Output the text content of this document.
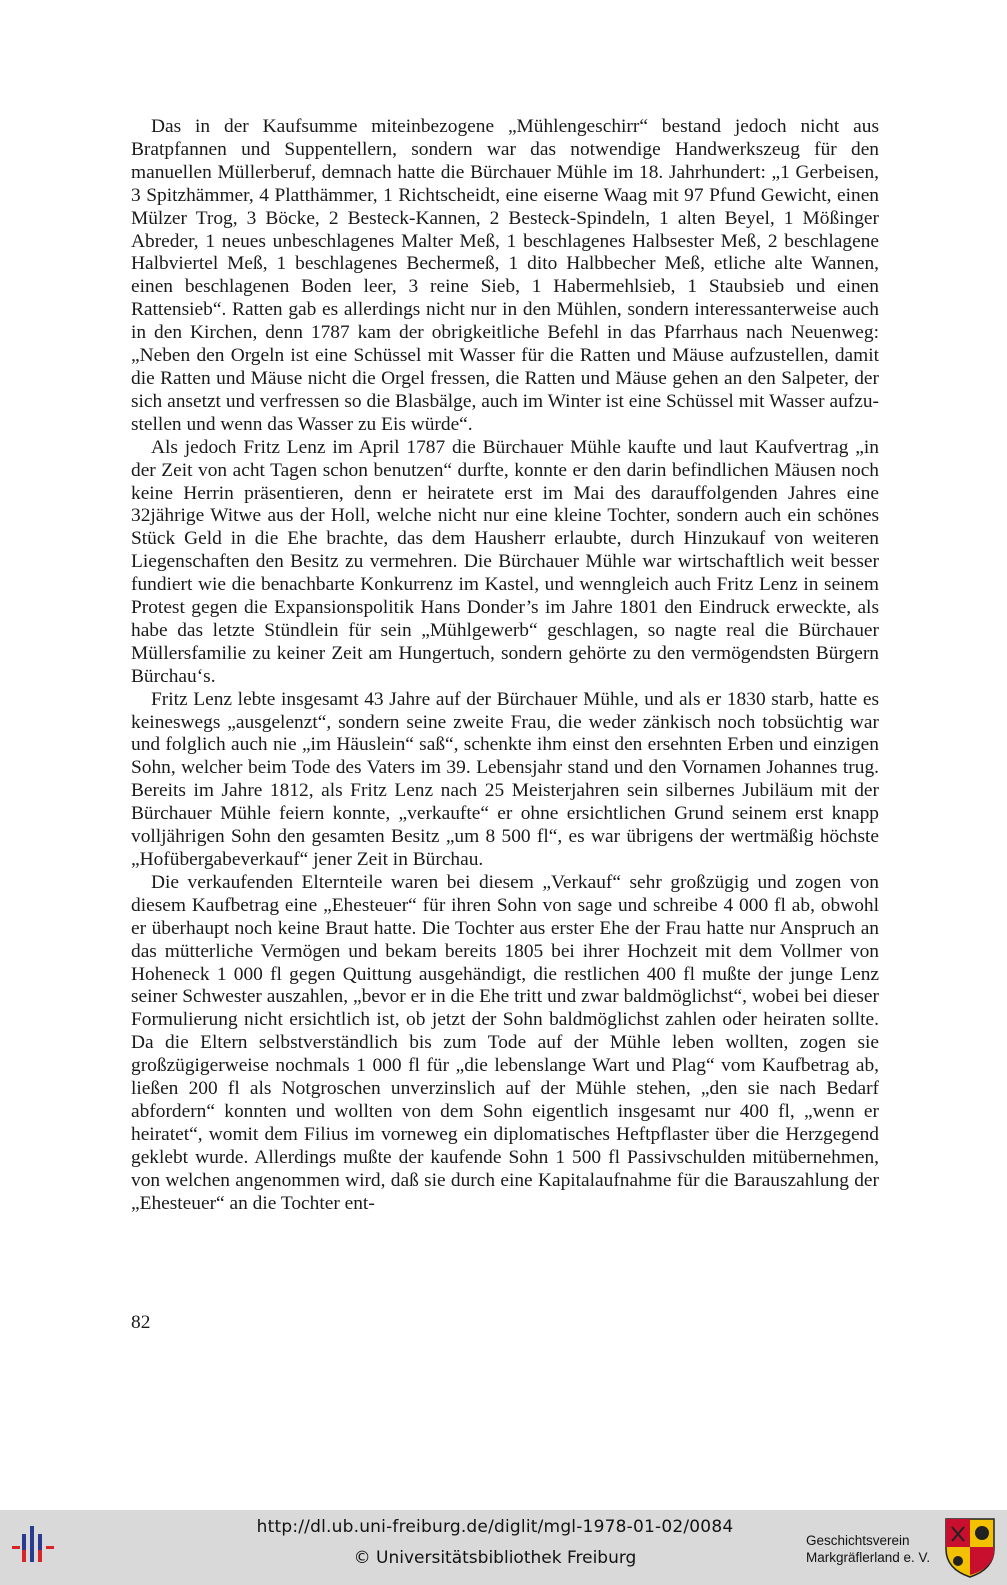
Das in der Kaufsumme miteinbezogene „Mühlengeschirr“ bestand jedoch nicht aus Bratpfannen und Suppentellern, sondern war das notwendige Handwerkszeug für den manuellen Müllerberuf, demnach hatte die Bürchauer Mühle im 18. Jahrhundert: „1 Gerbeisen, 3 Spitzhämmer, 4 Platthämmer, 1 Richtscheidt, eine eiserne Waag mit 97 Pfund Gewicht, einen Mülzer Trog, 3 Böcke, 2 Besteck-Kannen, 2 Besteck-Spindeln, 1 alten Beyel, 1 Mößinger Abreder, 1 neues unbeschlagenes Malter Meß, 1 beschlagenes Halbsester Meß, 2 beschlagene Halbviertel Meß, 1 beschlagenes Bechermeß, 1 dito Halbbecher Meß, etliche alte Wannen, einen beschlagenen Boden leer, 3 reine Sieb, 1 Habermehlsieb, 1 Staubsieb und einen Rattensieb“. Ratten gab es allerdings nicht nur in den Mühlen, sondern interessanterweise auch in den Kirchen, denn 1787 kam der obrigkeitliche Befehl in das Pfarrhaus nach Neuenweg: „Neben den Orgeln ist eine Schüssel mit Wasser für die Ratten und Mäuse aufzustellen, damit die Ratten und Mäuse nicht die Orgel fressen, die Ratten und Mäuse gehen an den Salpeter, der sich ansetzt und verfressen so die Blasbälge, auch im Winter ist eine Schüssel mit Wasser aufzustellen und wenn das Wasser zu Eis würde“.

Als jedoch Fritz Lenz im April 1787 die Bürchauer Mühle kaufte und laut Kaufvertrag „in der Zeit von acht Tagen schon benutzen“ durfte, konnte er den darin befindlichen Mäusen noch keine Herrin präsentieren, denn er heiratete erst im Mai des darauffolgenden Jahres eine 32jährige Witwe aus der Holl, welche nicht nur eine kleine Tochter, sondern auch ein schönes Stück Geld in die Ehe brachte, das dem Hausherr erlaubte, durch Hinzukauf von weiteren Liegenschaften den Besitz zu vermehren. Die Bürchauer Mühle war wirtschaftlich weit besser fundiert wie die benachbarte Konkurrenz im Kastel, und wenngleich auch Fritz Lenz in seinem Protest gegen die Expansionspolitik Hans Donder’s im Jahre 1801 den Eindruck erweckte, als habe das letzte Stündlein für sein „Mühlgewerb“ geschlagen, so nagte real die Bürchauer Müllersfamilie zu keiner Zeit am Hungertuch, sondern gehörte zu den vermögendsten Bürgern Bürchau‘s.

Fritz Lenz lebte insgesamt 43 Jahre auf der Bürchauer Mühle, und als er 1830 starb, hatte es keineswegs „ausgelenzt“, sondern seine zweite Frau, die weder zänkisch noch tobsüchtig war und folglich auch nie „im Häuslein“ saß“, schenkte ihm einst den ersehnten Erben und einzigen Sohn, welcher beim Tode des Vaters im 39. Lebensjahr stand und den Vornamen Johannes trug. Bereits im Jahre 1812, als Fritz Lenz nach 25 Meisterjahren sein silbernes Jubiläum mit der Bürchauer Mühle feiern konnte, „verkaufte“ er ohne ersichtlichen Grund seinem erst knapp volljährigen Sohn den gesamten Besitz „um 8 500 fl“, es war übrigens der wertmäßig höchste „Hofübergabeverkauf“ jener Zeit in Bürchau.

Die verkaufenden Elternteile waren bei diesem „Verkauf“ sehr großzügig und zogen von diesem Kaufbetrag eine „Ehesteuer“ für ihren Sohn von sage und schreibe 4 000 fl ab, obwohl er überhaupt noch keine Braut hatte. Die Tochter aus erster Ehe der Frau hatte nur Anspruch an das mütterliche Vermögen und bekam bereits 1805 bei ihrer Hochzeit mit dem Vollmer von Hoheneck 1 000 fl gegen Quittung ausgehändigt, die restlichen 400 fl mußte der junge Lenz seiner Schwester auszahlen, „bevor er in die Ehe tritt und zwar baldmöglichst“, wobei bei dieser Formulierung nicht ersichtlich ist, ob jetzt der Sohn baldmöglichst zahlen oder heiraten sollte. Da die Eltern selbstverständlich bis zum Tode auf der Mühle leben wollten, zogen sie großzügigerweise nochmals 1 000 fl für „die lebenslange Wart und Plag“ vom Kaufbetrag ab, ließen 200 fl als Notgroschen unverzinslich auf der Mühle stehen, „den sie nach Bedarf abfordern“ konnten und wollten von dem Sohn eigentlich insgesamt nur 400 fl, „wenn er heiratet“, womit dem Filius im vorneweg ein diplomatisches Heftpflaster über die Herzgegend geklebt wurde. Allerdings mußte der kaufende Sohn 1 500 fl Passivschulden mitübernehmen, von welchen angenommen wird, daß sie durch eine Kapitalaufnahme für die Barauszahlung der „Ehesteuer“ an die Tochter ent-

82
http://dl.ub.uni-freiburg.de/diglit/mgl-1978-01-02/0084
© Universitätsbibliothek Freiburg
Geschichtsverein
Markgräflerland e. V.
